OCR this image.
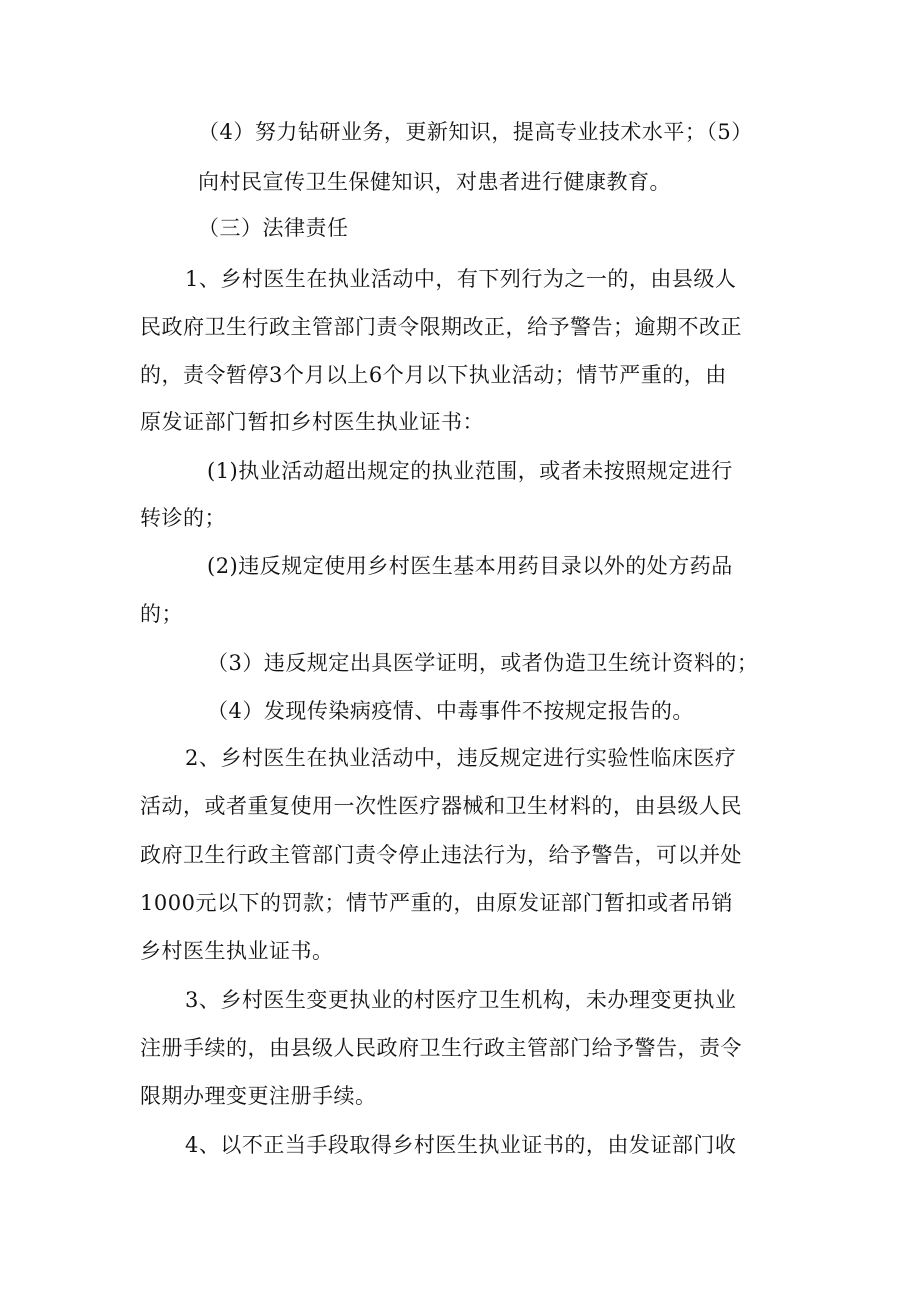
（4）努力钻研业务，更新知识，提高专业技术水平；（5）
向村民宣传卫生保健知识，对患者进行健康教育。
（三）法律责任
1、乡村医生在执业活动中，有下列行为之一的，由县级人
民政府卫生行政主管部门责令限期改正，给予警告；逾期不改正
的，责令暂停3个月以上6个月以下执业活动；情节严重的，由
原发证部门暂扣乡村医生执业证书：
(1)执业活动超出规定的执业范围，或者未按照规定进行
转诊的；
(2)违反规定使用乡村医生基本用药目录以外的处方药品
的；
（3）违反规定出具医学证明，或者伪造卫生统计资料的；
（4）发现传染病疫情、中毒事件不按规定报告的。
2、乡村医生在执业活动中，违反规定进行实验性临床医疗
活动，或者重复使用一次性医疗器械和卫生材料的，由县级人民
政府卫生行政主管部门责令停止违法行为，给予警告，可以并处
1000元以下的罚款；情节严重的，由原发证部门暂扣或者吊销
乡村医生执业证书。
3、乡村医生变更执业的村医疗卫生机构，未办理变更执业
注册手续的，由县级人民政府卫生行政主管部门给予警告，责令
限期办理变更注册手续。
4、以不正当手段取得乡村医生执业证书的，由发证部门收
